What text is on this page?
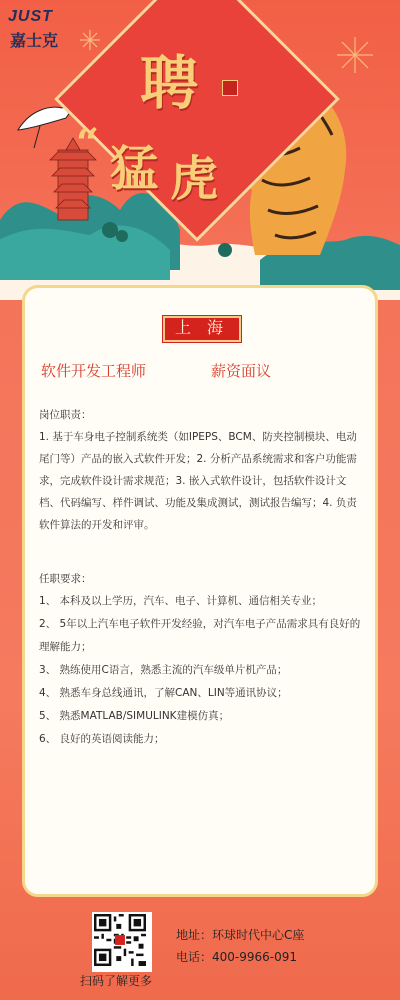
JUST
嘉士克
聘
“ 猛 虎
上 海
软件开发工程师	薪资面议
岗位职责：
1. 基于车身电子控制系统类（如IPEPS、BCM、防夹控制模块、电动尾门等）产品的嵌入式软件开发；2. 分析产品系统需求和客户功能需求，完成软件设计需求规范；3. 嵌入式软件设计，包括软件设计文档、代码编写、样件调试、功能及集成测试，测试报告编写；4. 负责软件算法的开发和评审。
任职要求：
1、 本科及以上学历，汽车、电子、计算机、通信相关专业；
2、 5年以上汽车电子软件开发经验，对汽车电子产品需求具有良好的理解能力；
3、 熟练使用C语言，熟悉主流的汽车级单片机产品；
4、 熟悉车身总线通讯，了解CAN、LIN等通讯协议；
5、 熟悉MATLAB/SIMULINK建模仿真；
6、 良好的英语阅读能力；
扫码了解更多
地址：环球时代中心C座
电话：400-9966-091
